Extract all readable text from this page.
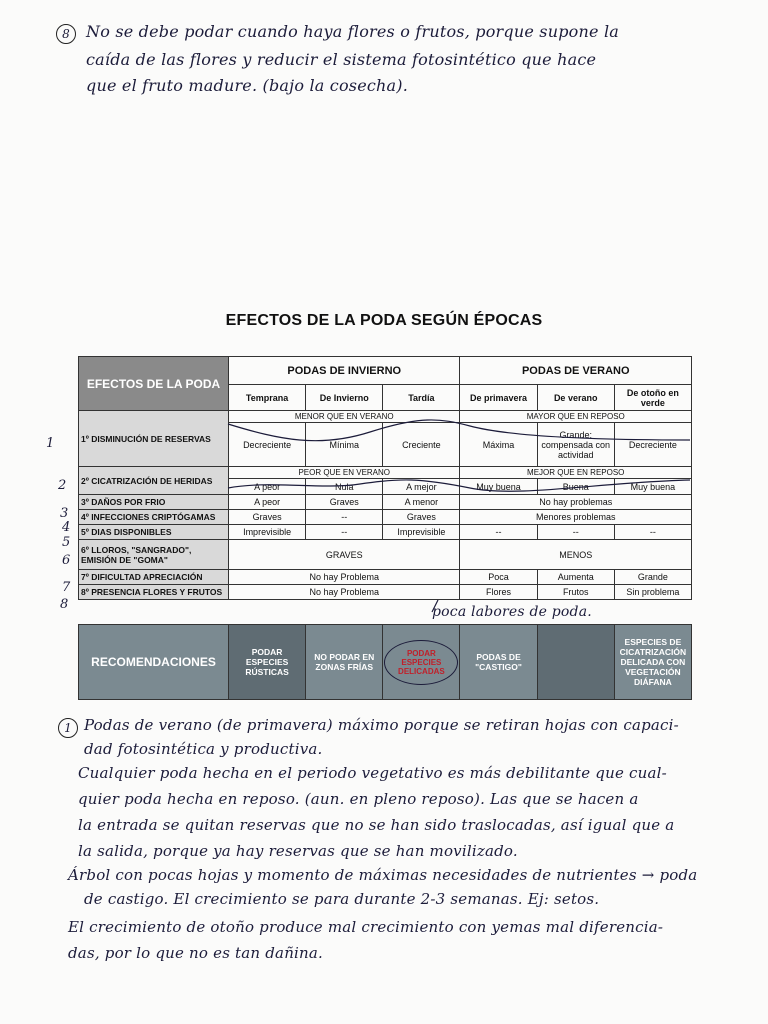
8	No se debe podar cuando haya flores o frutos, porque supone la
caída de las flores y reducir el sistema fotosintético que hace
que el fruto madure. (bajo la cosecha).
EFECTOS DE LA PODA SEGÚN ÉPOCAS
1
2
3
4
5
6
7
8
EFECTOS DE LA PODA	PODAS DE INVIERNO			PODAS DE VERANO		
	Temprana	De Invierno	Tardía	De primavera	De verano	De otoño en verde
1º DISMINUCIÓN DE RESERVAS	MENOR QUE EN VERANO			MAYOR QUE EN REPOSO		
	Decreciente	Mínima	Creciente	Máxima	Grande: compensada con actividad	Decreciente
2º CICATRIZACIÓN DE HERIDAS	PEOR QUE EN VERANO			MEJOR QUE EN REPOSO		
	A peor	Nula	A mejor	Muy buena	Buena	Muy buena
3º DAÑOS POR FRIO	A peor	Graves	A menor	No hay problemas		
4º INFECCIONES CRIPTÓGAMAS	Graves	--	Graves	Menores problemas		
5º DIAS DISPONIBLES	Imprevisible	--	Imprevisible	--	--	--
6º LLOROS, "SANGRADO", EMISIÓN DE "GOMA"	GRAVES			MENOS		
7º DIFICULTAD APRECIACIÓN	No hay Problema			Poca	Aumenta	Grande
8º PRESENCIA FLORES Y FRUTOS	No hay Problema			Flores	Frutos	Sin problema
poca labores de poda.
RECOMENDACIONES	PODAR ESPECIES RÚSTICAS	NO PODAR EN ZONAS FRÍAS	PODAR ESPECIES DELICADAS	PODAS DE "CASTIGO"		ESPECIES DE CICATRIZACIÓN DELICADA CON VEGETACIÓN DIÁFANA
1 Podas de verano (de primavera) máximo porque se retiran hojas con capaci-
dad fotosintética y productiva.
Cualquier poda hecha en el periodo vegetativo es más debilitante que cual-
quier poda hecha en reposo. (aun. en pleno reposo). Las que se hacen a
la entrada se quitan reservas que no se han sido traslocadas, así igual que a
la salida, porque ya hay reservas que se han movilizado.
Árbol con pocas hojas y momento de máximas necesidades de nutrientes → poda
de castigo. El crecimiento se para durante 2-3 semanas. Ej: setos.
El crecimiento de otoño produce mal crecimiento con yemas mal diferencia-
das, por lo que no es tan dañina.
